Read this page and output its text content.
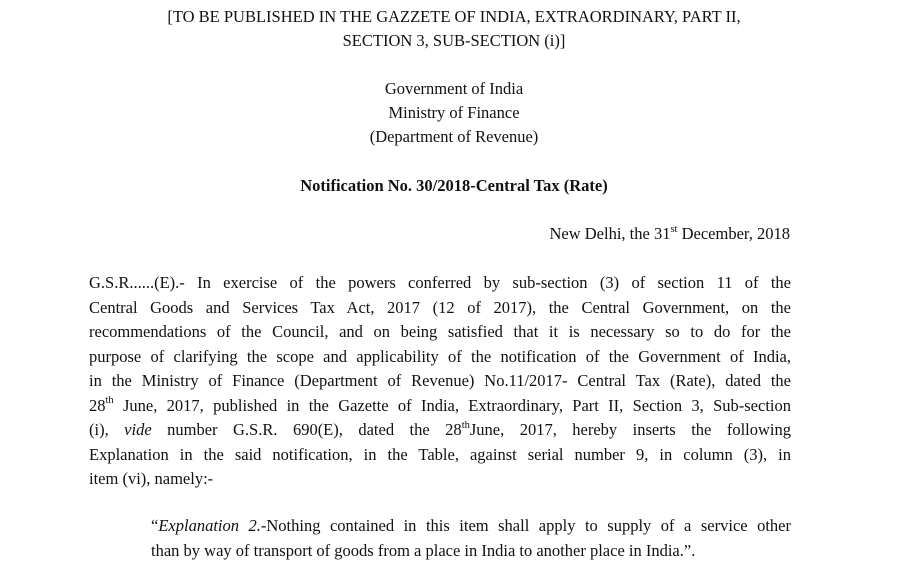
[TO BE PUBLISHED IN THE GAZZETE OF INDIA, EXTRAORDINARY, PART II,
SECTION 3, SUB-SECTION (i)]
Government of India
Ministry of Finance
(Department of Revenue)
Notification No. 30/2018-Central Tax (Rate)
New Delhi, the 31st December, 2018
G.S.R......(E).- In exercise of the powers conferred by sub-section (3) of section 11 of the
Central Goods and Services Tax Act, 2017 (12 of 2017), the Central Government, on the
recommendations of the Council, and on being satisfied that it is necessary so to do for the
purpose of clarifying the scope and applicability of the notification of the Government of India,
in the Ministry of Finance (Department of Revenue) No.11/2017- Central Tax (Rate), dated the
28th June, 2017, published in the Gazette of India, Extraordinary, Part II, Section 3, Sub-section
(i), vide number G.S.R. 690(E), dated the 28thJune, 2017, hereby inserts the following
Explanation in the said notification, in the Table, against serial number 9, in column (3), in
item (vi), namely:-
“Explanation 2.-Nothing contained in this item shall apply to supply of a service other
than by way of transport of goods from a place in India to another place in India.”.
